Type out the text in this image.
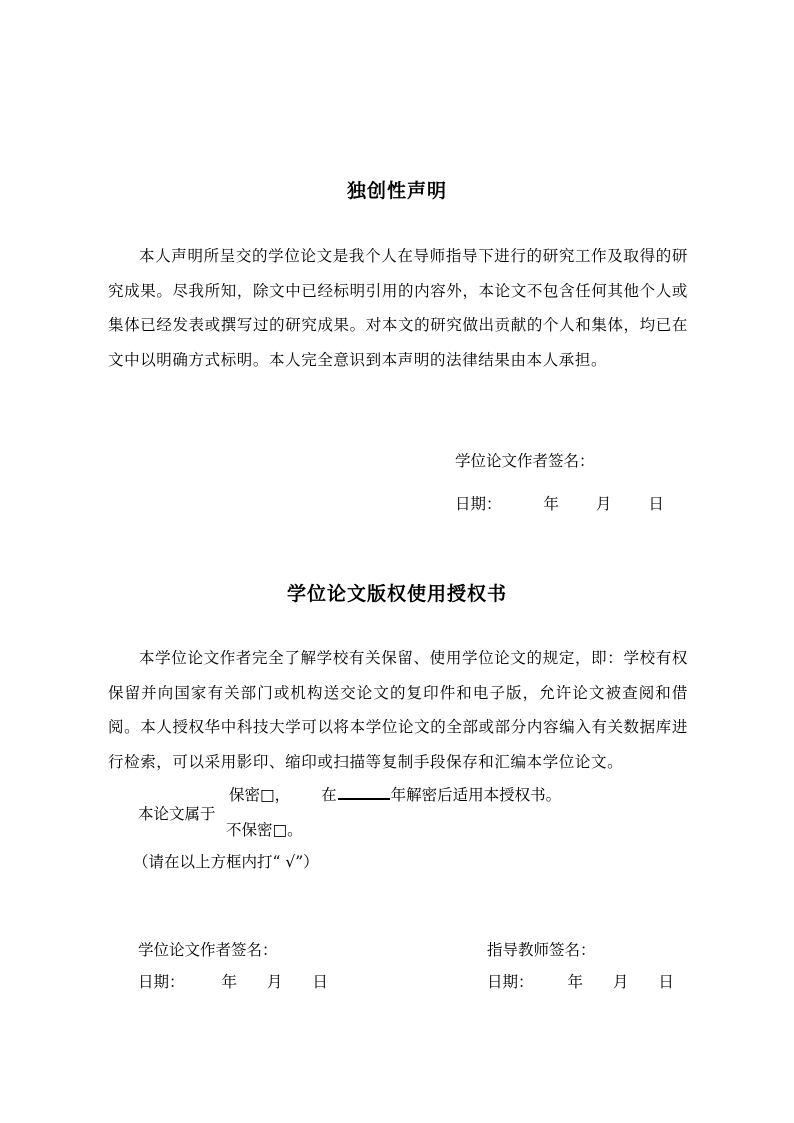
独创性声明
本人声明所呈交的学位论文是我个人在导师指导下进行的研究工作及取得的研究成果。尽我所知，除文中已经标明引用的内容外，本论文不包含任何其他个人或集体已经发表或撰写过的研究成果。对本文的研究做出贡献的个人和集体，均已在文中以明确方式标明。本人完全意识到本声明的法律结果由本人承担。
学位论文作者签名：
日期：	年 月 日
学位论文版权使用授权书
本学位论文作者完全了解学校有关保留、使用学位论文的规定，即：学校有权保留并向国家有关部门或机构送交论文的复印件和电子版，允许论文被查阅和借阅。本人授权华中科技大学可以将本学位论文的全部或部分内容编入有关数据库进行检索，可以采用影印、缩印或扫描等复制手段保存和汇编本学位论文。
保密□， 在	年解密后适用本授权书。
本论文属于
不保密□。
（请在以上方框内打“ √”）
学位论文作者签名：	指导教师签名：
日期： 年 月 日	日期： 年 月 日
